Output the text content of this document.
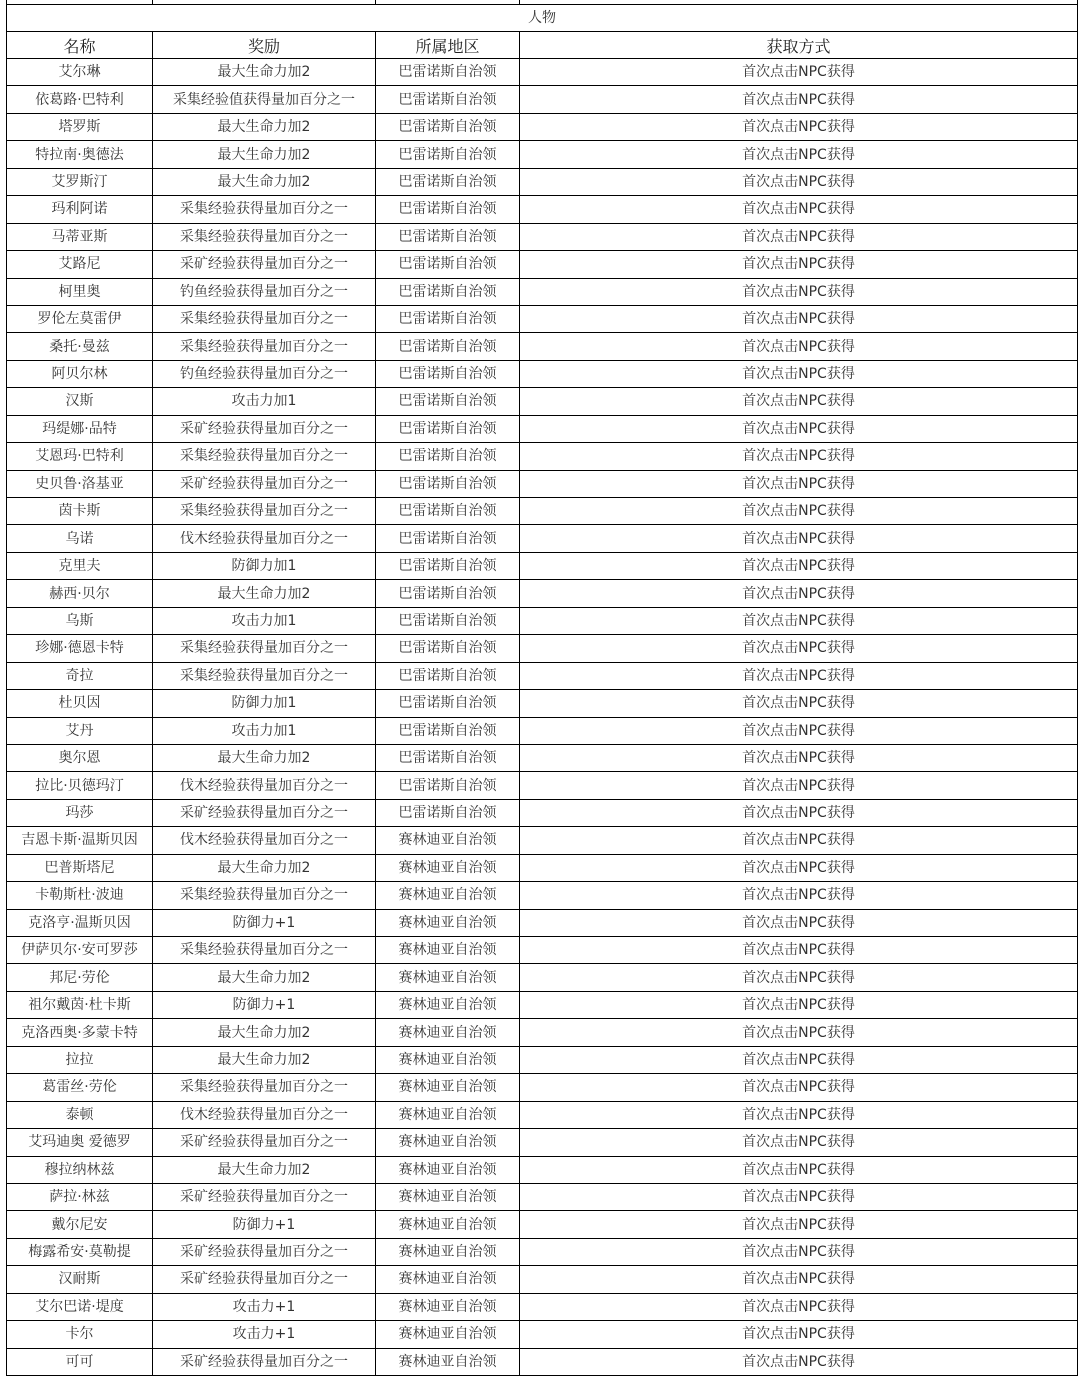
人物			
名称	奖励	所属地区	获取方式
艾尔琳	最大生命力加2	巴雷诺斯自治领	首次点击NPC获得
依葛路·巴特利	采集经验值获得量加百分之一	巴雷诺斯自治领	首次点击NPC获得
塔罗斯	最大生命力加2	巴雷诺斯自治领	首次点击NPC获得
特拉南·奥德法	最大生命力加2	巴雷诺斯自治领	首次点击NPC获得
艾罗斯汀	最大生命力加2	巴雷诺斯自治领	首次点击NPC获得
玛利阿诺	采集经验获得量加百分之一	巴雷诺斯自治领	首次点击NPC获得
马蒂亚斯	采集经验获得量加百分之一	巴雷诺斯自治领	首次点击NPC获得
艾路尼	采矿经验获得量加百分之一	巴雷诺斯自治领	首次点击NPC获得
柯里奥	钓鱼经验获得量加百分之一	巴雷诺斯自治领	首次点击NPC获得
罗伦左莫雷伊	采集经验获得量加百分之一	巴雷诺斯自治领	首次点击NPC获得
桑托·曼兹	采集经验获得量加百分之一	巴雷诺斯自治领	首次点击NPC获得
阿贝尔林	钓鱼经验获得量加百分之一	巴雷诺斯自治领	首次点击NPC获得
汉斯	攻击力加1	巴雷诺斯自治领	首次点击NPC获得
玛缇娜·品特	采矿经验获得量加百分之一	巴雷诺斯自治领	首次点击NPC获得
艾恩玛·巴特利	采集经验获得量加百分之一	巴雷诺斯自治领	首次点击NPC获得
史贝鲁·洛基亚	采矿经验获得量加百分之一	巴雷诺斯自治领	首次点击NPC获得
茵卡斯	采集经验获得量加百分之一	巴雷诺斯自治领	首次点击NPC获得
乌诺	伐木经验获得量加百分之一	巴雷诺斯自治领	首次点击NPC获得
克里夫	防御力加1	巴雷诺斯自治领	首次点击NPC获得
赫西·贝尔	最大生命力加2	巴雷诺斯自治领	首次点击NPC获得
乌斯	攻击力加1	巴雷诺斯自治领	首次点击NPC获得
珍娜·德恩卡特	采集经验获得量加百分之一	巴雷诺斯自治领	首次点击NPC获得
奇拉	采集经验获得量加百分之一	巴雷诺斯自治领	首次点击NPC获得
杜贝因	防御力加1	巴雷诺斯自治领	首次点击NPC获得
艾丹	攻击力加1	巴雷诺斯自治领	首次点击NPC获得
奥尔恩	最大生命力加2	巴雷诺斯自治领	首次点击NPC获得
拉比·贝德玛汀	伐木经验获得量加百分之一	巴雷诺斯自治领	首次点击NPC获得
玛莎	采矿经验获得量加百分之一	巴雷诺斯自治领	首次点击NPC获得
吉恩卡斯·温斯贝因	伐木经验获得量加百分之一	赛林迪亚自治领	首次点击NPC获得
巴普斯塔尼	最大生命力加2	赛林迪亚自治领	首次点击NPC获得
卡勒斯杜·波迪	采集经验获得量加百分之一	赛林迪亚自治领	首次点击NPC获得
克洛亨·温斯贝因	防御力+1	赛林迪亚自治领	首次点击NPC获得
伊萨贝尔·安可罗莎	采集经验获得量加百分之一	赛林迪亚自治领	首次点击NPC获得
邦尼·劳伦	最大生命力加2	赛林迪亚自治领	首次点击NPC获得
祖尔戴茵·杜卡斯	防御力+1	赛林迪亚自治领	首次点击NPC获得
克洛西奥·多蒙卡特	最大生命力加2	赛林迪亚自治领	首次点击NPC获得
拉拉	最大生命力加2	赛林迪亚自治领	首次点击NPC获得
葛雷丝·劳伦	采集经验获得量加百分之一	赛林迪亚自治领	首次点击NPC获得
泰顿	伐木经验获得量加百分之一	赛林迪亚自治领	首次点击NPC获得
艾玛迪奥 爱德罗	采矿经验获得量加百分之一	赛林迪亚自治领	首次点击NPC获得
穆拉纳林兹	最大生命力加2	赛林迪亚自治领	首次点击NPC获得
萨拉·林兹	采矿经验获得量加百分之一	赛林迪亚自治领	首次点击NPC获得
戴尔尼安	防御力+1	赛林迪亚自治领	首次点击NPC获得
梅露希安·莫勒提	采矿经验获得量加百分之一	赛林迪亚自治领	首次点击NPC获得
汉耐斯	采矿经验获得量加百分之一	赛林迪亚自治领	首次点击NPC获得
艾尔巴诺·堤度	攻击力+1	赛林迪亚自治领	首次点击NPC获得
卡尔	攻击力+1	赛林迪亚自治领	首次点击NPC获得
可可	采矿经验获得量加百分之一	赛林迪亚自治领	首次点击NPC获得
